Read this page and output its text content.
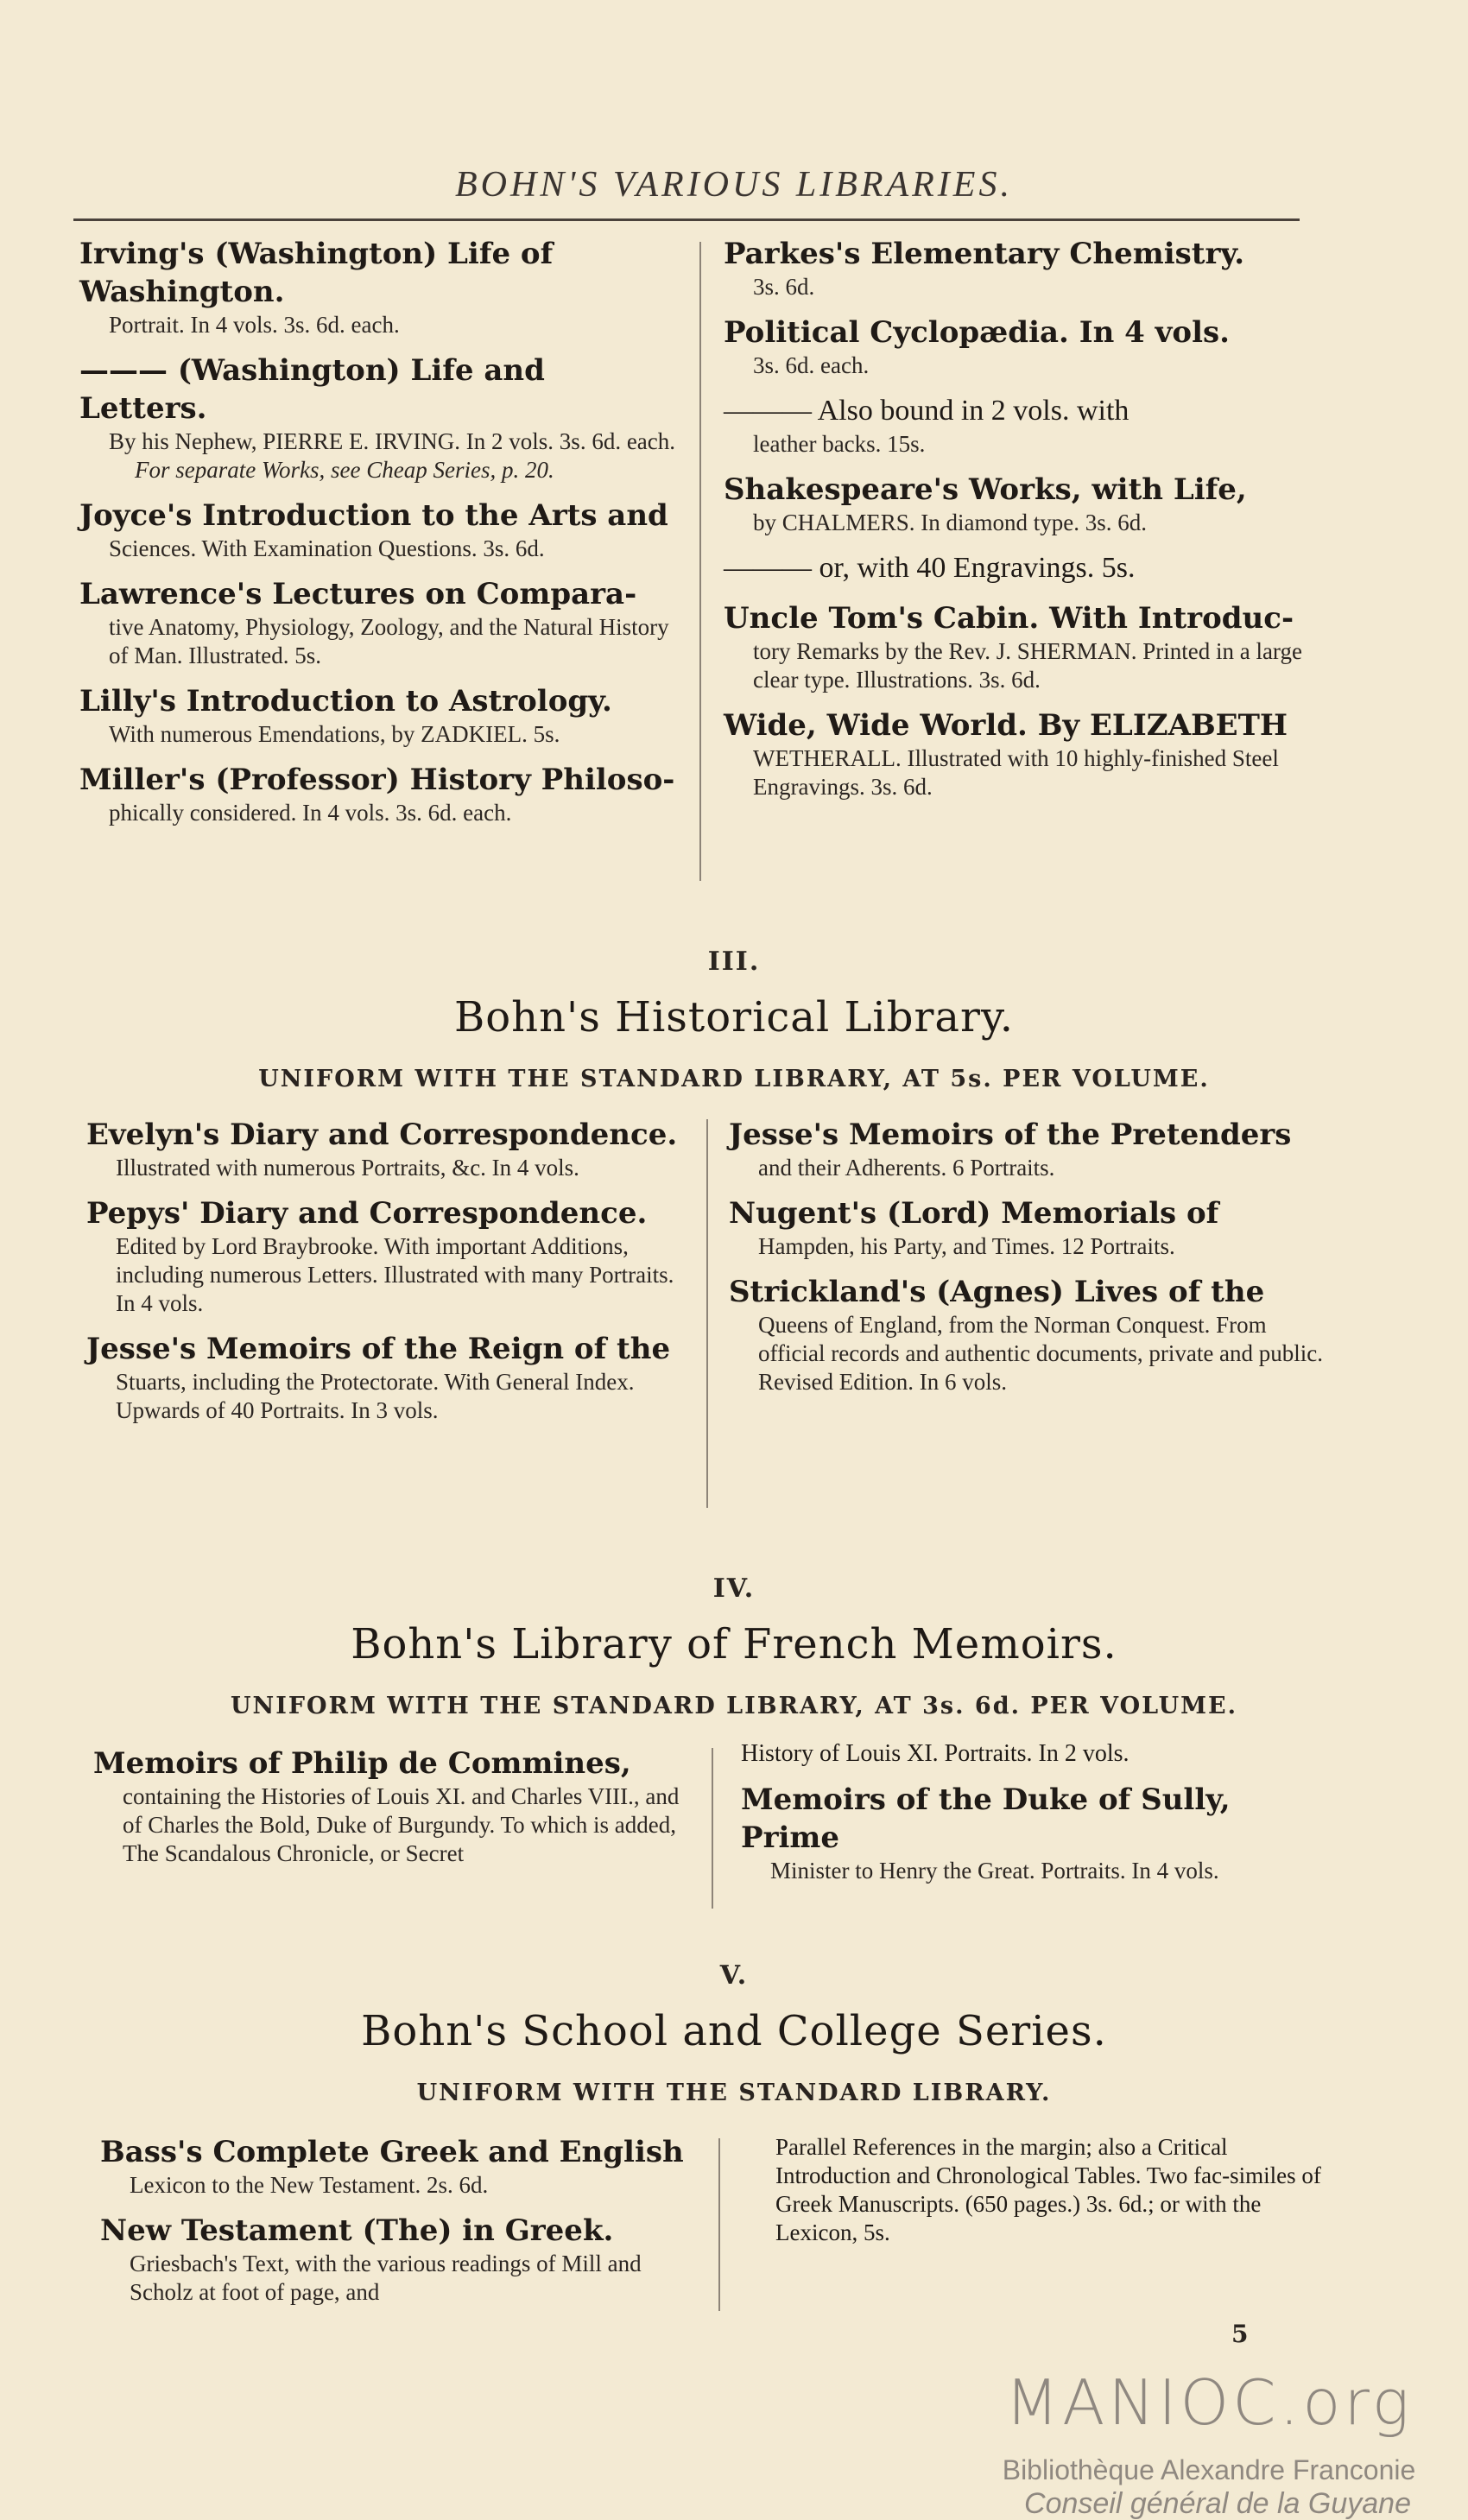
BOHN'S VARIOUS LIBRARIES.
Irving's (Washington) Life of Washington.
Portrait. In 4 vols. 3s. 6d. each.
——— (Washington) Life and Letters.
By his Nephew, PIERRE E. IRVING. In 2 vols. 3s. 6d. each.
For separate Works, see Cheap Series, p. 20.
Joyce's Introduction to the Arts and
Sciences. With Examination Questions. 3s. 6d.
Lawrence's Lectures on Compara-
tive Anatomy, Physiology, Zoology, and the Natural History of Man. Illustrated. 5s.
Lilly's Introduction to Astrology.
With numerous Emendations, by ZADKIEL. 5s.
Miller's (Professor) History Philoso-
phically considered. In 4 vols. 3s. 6d. each.
Parkes's Elementary Chemistry.
3s. 6d.
Political Cyclopædia. In 4 vols.
3s. 6d. each.
——— Also bound in 2 vols. with
leather backs. 15s.
Shakespeare's Works, with Life,
by CHALMERS. In diamond type. 3s. 6d.
——— or, with 40 Engravings. 5s.
Uncle Tom's Cabin. With Introduc-
tory Remarks by the Rev. J. SHERMAN. Printed in a large clear type. Illustrations. 3s. 6d.
Wide, Wide World. By ELIZABETH
WETHERALL. Illustrated with 10 highly-finished Steel Engravings. 3s. 6d.
III.
Bohn's Historical Library.
UNIFORM WITH THE STANDARD LIBRARY, AT 5s. PER VOLUME.
Evelyn's Diary and Correspondence.
Illustrated with numerous Portraits, &c. In 4 vols.
Pepys' Diary and Correspondence.
Edited by Lord Braybrooke. With important Additions, including numerous Letters. Illustrated with many Portraits. In 4 vols.
Jesse's Memoirs of the Reign of the
Stuarts, including the Protectorate. With General Index. Upwards of 40 Portraits. In 3 vols.
Jesse's Memoirs of the Pretenders
and their Adherents. 6 Portraits.
Nugent's (Lord) Memorials of
Hampden, his Party, and Times. 12 Portraits.
Strickland's (Agnes) Lives of the
Queens of England, from the Norman Conquest. From official records and authentic documents, private and public. Revised Edition. In 6 vols.
IV.
Bohn's Library of French Memoirs.
UNIFORM WITH THE STANDARD LIBRARY, AT 3s. 6d. PER VOLUME.
Memoirs of Philip de Commines,
containing the Histories of Louis XI. and Charles VIII., and of Charles the Bold, Duke of Burgundy. To which is added, The Scandalous Chronicle, or Secret
History of Louis XI. Portraits. In 2 vols.
Memoirs of the Duke of Sully, Prime
Minister to Henry the Great. Portraits. In 4 vols.
V.
Bohn's School and College Series.
UNIFORM WITH THE STANDARD LIBRARY.
Bass's Complete Greek and English
Lexicon to the New Testament. 2s. 6d.
New Testament (The) in Greek.
Griesbach's Text, with the various readings of Mill and Scholz at foot of page, and
Parallel References in the margin; also a Critical Introduction and Chronological Tables. Two fac-similes of Greek Manuscripts. (650 pages.) 3s. 6d.; or with the Lexicon, 5s.
5
MANIOC.org
Bibliothèque Alexandre Franconie
Conseil général de la Guyane
